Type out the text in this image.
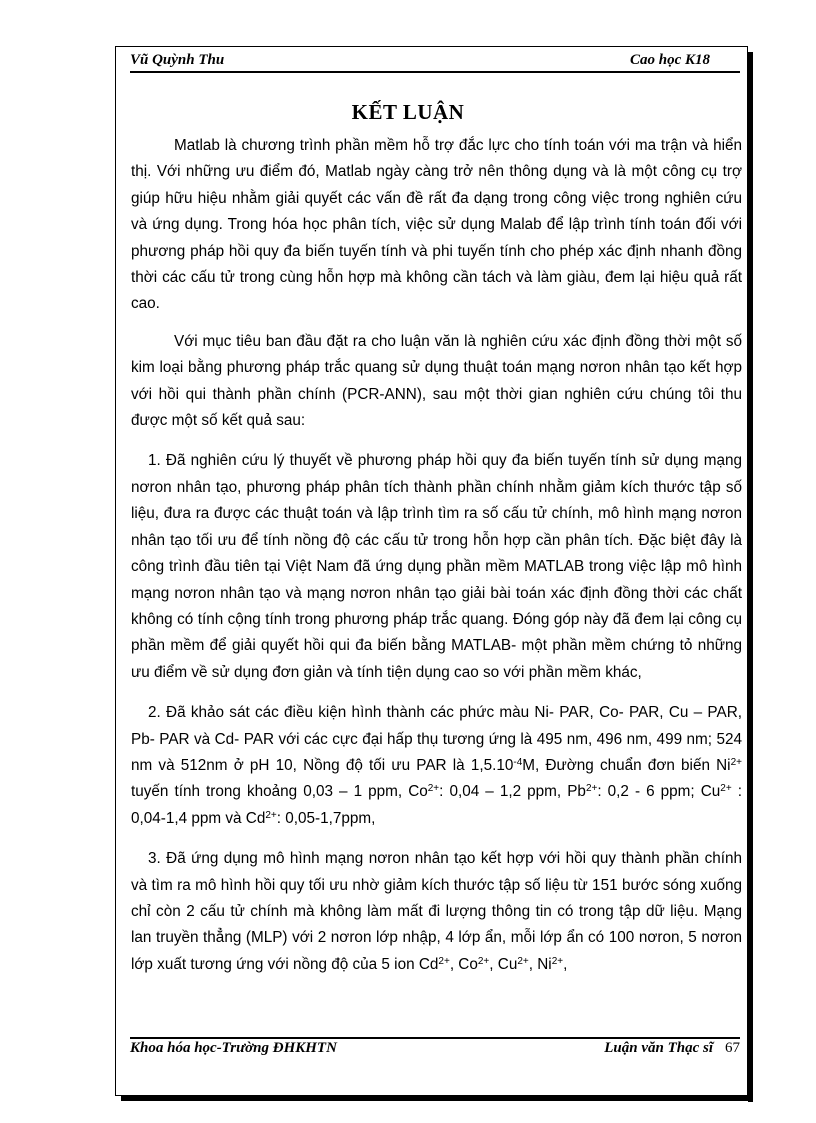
Vũ Quỳnh Thu	Cao học K18
KẾT LUẬN

Matlab là chương trình phần mềm hỗ trợ đắc lực cho tính toán với ma trận và hiển thị. Với những ưu điểm đó, Matlab ngày càng trở nên thông dụng và là một công cụ trợ giúp hữu hiệu nhằm giải quyết các vấn đề rất đa dạng trong công việc trong nghiên cứu và ứng dụng. Trong hóa học phân tích, việc sử dụng Malab để lập trình tính toán đối với phương pháp hồi quy đa biến tuyến tính và phi tuyến tính cho phép xác định nhanh đồng thời các cấu tử trong cùng hỗn hợp mà không cần tách và làm giàu, đem lại hiệu quả rất cao.

Với mục tiêu ban đầu đặt ra cho luận văn là nghiên cứu xác định đồng thời một số kim loại bằng phương pháp trắc quang sử dụng thuật toán mạng nơron nhân tạo kết hợp với hồi qui thành phần chính (PCR-ANN), sau một thời gian nghiên cứu chúng tôi thu được một số kết quả sau:

1. Đã nghiên cứu lý thuyết về phương pháp hồi quy đa biến tuyến tính sử dụng mạng nơron nhân tạo, phương pháp phân tích thành phần chính nhằm giảm kích thước tập số liệu, đưa ra được các thuật toán và lập trình tìm ra số cấu tử chính, mô hình mạng nơron nhân tạo tối ưu để tính nồng độ các cấu tử trong hỗn hợp cần phân tích. Đặc biệt đây là công trình đầu tiên tại Việt Nam đã ứng dụng phần mềm MATLAB trong việc lập mô hình mạng nơron nhân tạo và mạng nơron nhân tạo giải bài toán xác định đồng thời các chất không có tính cộng tính trong phương pháp trắc quang. Đóng góp này đã đem lại công cụ phần mềm để giải quyết hồi qui đa biến bằng MATLAB- một phần mềm chứng tỏ những ưu điểm về sử dụng đơn giản và tính tiện dụng cao so với phần mềm khác,

2. Đã khảo sát các điều kiện hình thành các phức màu Ni- PAR, Co- PAR, Cu – PAR, Pb- PAR và Cd- PAR với các cực đại hấp thụ tương ứng là 495 nm, 496 nm, 499 nm; 524 nm và 512nm ở pH 10, Nồng độ tối ưu PAR là $1,5.10^{-4}M$, Đường chuẩn đơn biến $Ni^{2+}$ tuyến tính trong khoảng 0,03 – 1 ppm, $Co^{2+}$: 0,04 – 1,2 ppm, $Pb^{2+}$: 0,2 - 6 ppm; $Cu^{2+}$ : 0,04-1,4 ppm và $Cd^{2+}$: 0,05-1,7ppm,

3. Đã ứng dụng mô hình mạng nơron nhân tạo kết hợp với hồi quy thành phần chính và tìm ra mô hình hồi quy tối ưu nhờ giảm kích thước tập số liệu từ 151 bước sóng xuống chỉ còn 2 cấu tử chính mà không làm mất đi lượng thông tin có trong tập dữ liệu. Mạng lan truyền thẳng (MLP) với 2 nơron lớp nhập, 4 lớp ẩn, mỗi lớp ẩn có 100 nơron, 5 nơron lớp xuất tương ứng với nồng độ của 5 ion $Cd^{2+}$, $Co^{2+}$, $Cu^{2+}$, $Ni^{2+}$,

Khoa hóa học-Trường ĐHKHTN	Luận văn Thạc sĩ 67
